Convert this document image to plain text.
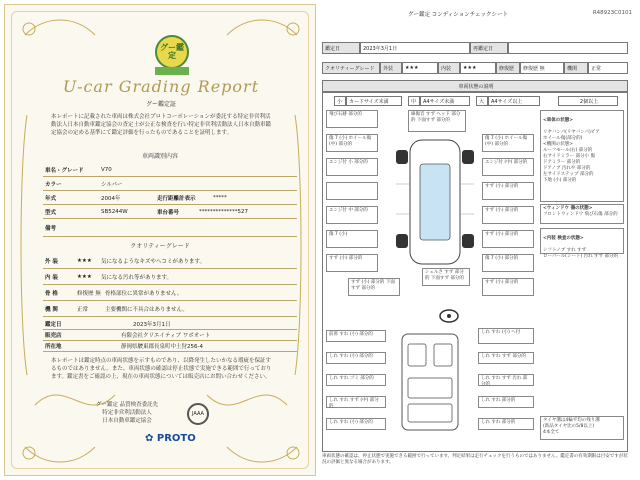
グー鑑定
U-car Grading Report
グー鑑定証
本レポートに記載された車両は株式会社プロトコーポレーションが委託する特定非営利活動法人日本自動車鑑定協会の査定士が公正な検査を行い特定非営利活動法人日本自動車鑑定協会の定める基準にて鑑定評価を行ったものであることを証明します。
車両識別内容
車名・グレード	V70
カラー	シルバー
年式	2004年	走行距離計表示	*****
型式	SB5244W	車台番号	**************527
備考
クオリティーグレード
外 装	★★★	気になるようなキズやヘコミがあります。
内 装	★★★	気になる汚れ等があります。
骨 格	修復歴 無 骨格部位に異常がありません。
機 関	正常	主要機関に不具合はありません。
鑑定日	2023年3月1日
販売店	有限会社クリエイティブ ワボオート
所在地	静岡県駿東郡長泉町中土狩256-4
本レポートは鑑定時点の車両状態を示すものであり、以降発生したいかなる瑕疵を保証するものではありません。また、車両状態の確認は停止状態で実施できる範囲で行っております。鑑定書をご確認の上、現在の車両状態については販売店にお問い合わせください。
グー鑑定 品質検査委託先
特定非営利活動法人
日本自動車鑑定協会
JAAA
✿ PROTO
グー鑑定 コンディションチェックシート	R48923C0101
鑑定日	2023年3月1日	再鑑定日
クオリティーグレード	外装	★★★	内装	★★★	修復歴	修復歴 無	機関	正常
車両状態の説明
小	カードサイズ未満	中	A4サイズ未満	大	A4サイズ以上	2個以上
飛び石跡 部分的
傷 7 (小) ホイール傷 (中) 部分的
エンジ付 小 部分的
エンジ付 中 部分的
傷 7 (小)
すず (小) 部分的
傷 7 (小) ホイール傷 (中) 部分的
エンジ付 (中) 部分的
すず (小) 部分的
すず (小) 部分的
すず (小) 部分的
傷 7 (小) 部分的
すず (小) 部分的
線傷音 すず ヘッド 部分的 下面すず 部分的
シェルさ すず 部分的 下面すず 部分的
すず (小) 部分的 下面すず 部分的
前席 すれ (小) 部分的
しれ すれ (小) 部分的
しれ すれ ゴミ 部分的
しれ すれ すず (中) 部分的
しれ すれ (小) 部分的
しれ すれ (小) へ付
しれ すれ すず 部分的
しれ すれ すず 汚れ 部分的
しれ すれ 部分的
しれ すれ 部分的

<車体の状態>

リヤバンパ(リヤバンパ)ビア
ホイール傷(部分的)
<機関の状態>
ルーフモール(右) 部分的
右サイドミラー 部分小 傷
ドアミラー 部分的
ドアノブ 汚れや 部分的
左サイドステップ 部分的
下地 (小) 部分的

<ウィンドウ 傷の状態>
フロントウィンドウ 飛び石傷 部分的

<内装 検査の状態>

シフトノブ すれ すず
ローパール(シート) 汚れ すず 部分的

タイヤ溝は4輪平均の残り溝
(新品タイヤ比の5/8以上)
4本全て
車両状態の確認は、停止状態で実施できる範囲で行っています。判定結果は走行チェックを行うものではありません。鑑定書の有効期限は目安ですが状況の評価と異なる場合があります。
